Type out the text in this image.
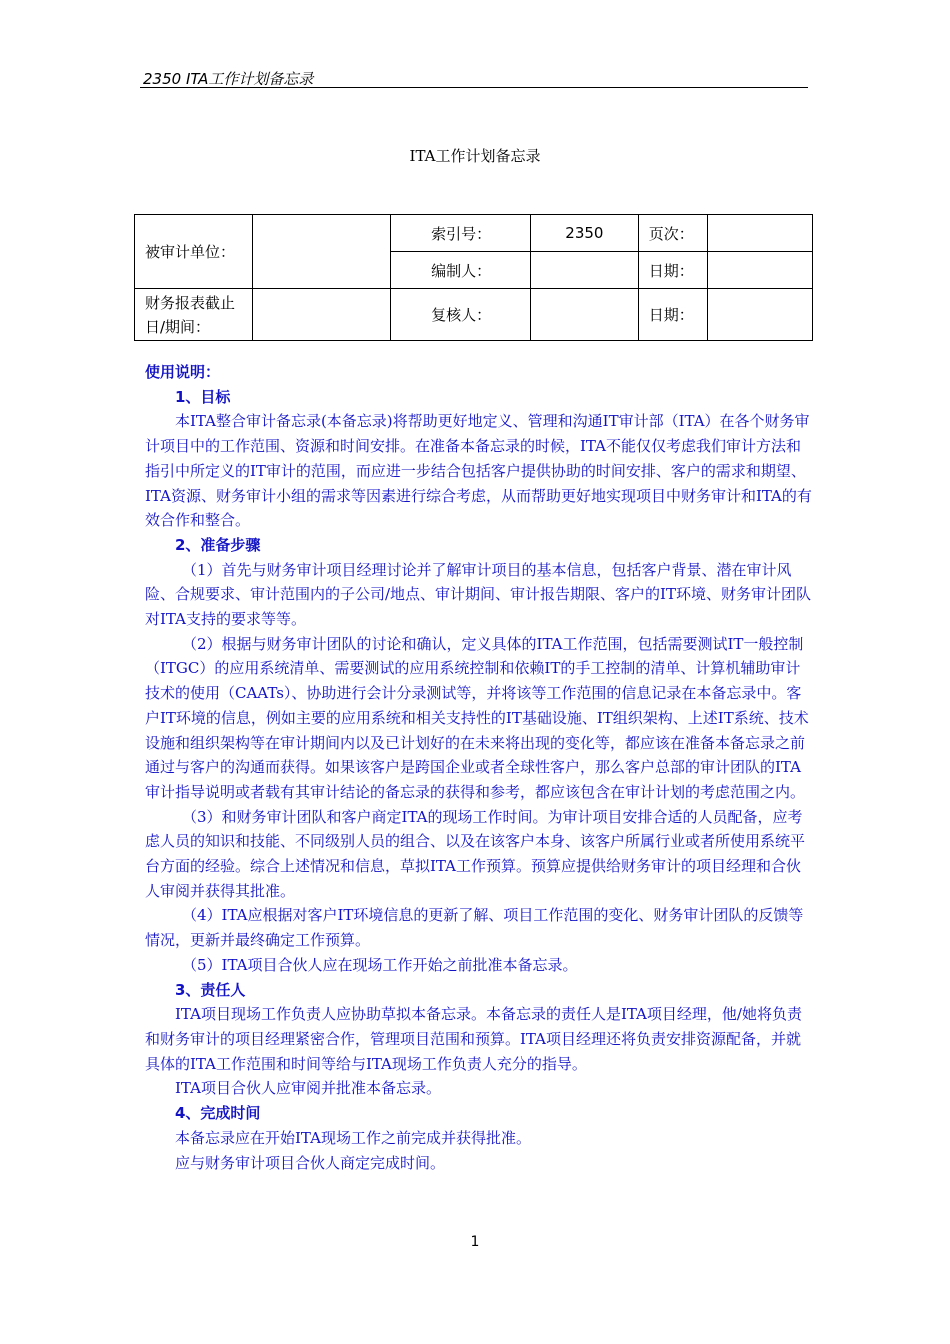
2350 ITA工作计划备忘录
ITA工作计划备忘录
被审计单位：		索引号：	2350	页次：	
		编制人：		日期：	
财务报表截止日/期间：		复核人：		日期：	

使用说明：

1、目标

本ITA整合审计备忘录(本备忘录)将帮助更好地定义、管理和沟通IT审计部（ITA）在各个财务审计项目中的工作范围、资源和时间安排。在准备本备忘录的时候，ITA不能仅仅考虑我们审计方法和指引中所定义的IT审计的范围，而应进一步结合包括客户提供协助的时间安排、客户的需求和期望、ITA资源、财务审计小组的需求等因素进行综合考虑，从而帮助更好地实现项目中财务审计和ITA的有效合作和整合。

2、准备步骤

（1）首先与财务审计项目经理讨论并了解审计项目的基本信息，包括客户背景、潜在审计风险、合规要求、审计范围内的子公司/地点、审计期间、审计报告期限、客户的IT环境、财务审计团队对ITA支持的要求等等。

（2）根据与财务审计团队的讨论和确认，定义具体的ITA工作范围，包括需要测试IT一般控制（ITGC）的应用系统清单、需要测试的应用系统控制和依赖IT的手工控制的清单、计算机辅助审计技术的使用（CAATs）、协助进行会计分录测试等，并将该等工作范围的信息记录在本备忘录中。客户IT环境的信息，例如主要的应用系统和相关支持性的IT基础设施、IT组织架构、上述IT系统、技术设施和组织架构等在审计期间内以及已计划好的在未来将出现的变化等，都应该在准备本备忘录之前通过与客户的沟通而获得。如果该客户是跨国企业或者全球性客户，那么客户总部的审计团队的ITA审计指导说明或者载有其审计结论的备忘录的获得和参考，都应该包含在审计计划的考虑范围之内。

（3）和财务审计团队和客户商定ITA的现场工作时间。为审计项目安排合适的人员配备，应考虑人员的知识和技能、不同级别人员的组合、以及在该客户本身、该客户所属行业或者所使用系统平台方面的经验。综合上述情况和信息，草拟ITA工作预算。预算应提供给财务审计的项目经理和合伙人审阅并获得其批准。

（4）ITA应根据对客户IT环境信息的更新了解、项目工作范围的变化、财务审计团队的反馈等情况，更新并最终确定工作预算。

（5）ITA项目合伙人应在现场工作开始之前批准本备忘录。

3、责任人

ITA项目现场工作负责人应协助草拟本备忘录。本备忘录的责任人是ITA项目经理，他/她将负责和财务审计的项目经理紧密合作，管理项目范围和预算。ITA项目经理还将负责安排资源配备，并就具体的ITA工作范围和时间等给与ITA现场工作负责人充分的指导。

ITA项目合伙人应审阅并批准本备忘录。

4、完成时间

本备忘录应在开始ITA现场工作之前完成并获得批准。

应与财务审计项目合伙人商定完成时间。

1
